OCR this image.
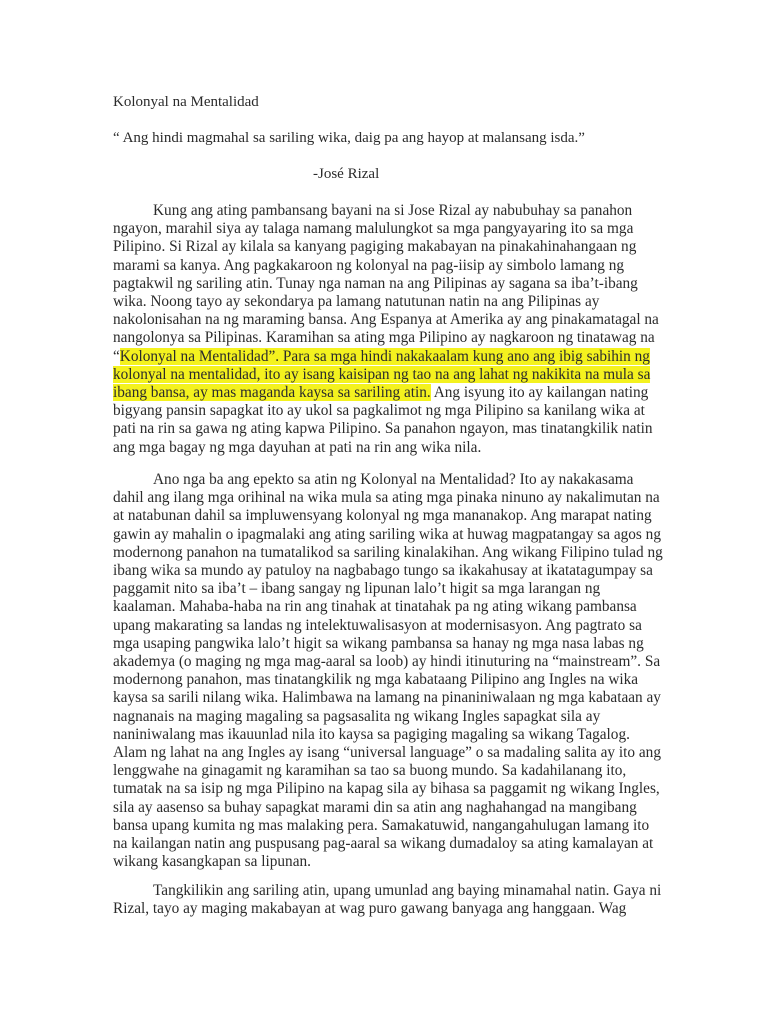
Kolonyal na Mentalidad
“ Ang hindi magmahal sa sariling wika, daig pa ang hayop at malansang isda.”
-José Rizal
Kung ang ating pambansang bayani na si Jose Rizal ay nabubuhay sa panahon
ngayon, marahil siya ay talaga namang malulungkot sa mga pangyayaring ito sa mga
Pilipino. Si Rizal ay kilala sa kanyang pagiging makabayan na pinakahinahangaan ng
marami sa kanya. Ang pagkakaroon ng kolonyal na pag-iisip ay simbolo lamang ng
pagtakwil ng sariling atin. Tunay nga naman na ang Pilipinas ay sagana sa iba’t-ibang
wika. Noong tayo ay sekondarya pa lamang natutunan natin na ang Pilipinas ay
nakolonisahan na ng maraming bansa. Ang Espanya at Amerika ay ang pinakamatagal na
nangolonya sa Pilipinas. Karamihan sa ating mga Pilipino ay nagkaroon ng tinatawag na
“Kolonyal na Mentalidad”. Para sa mga hindi nakakaalam kung ano ang ibig sabihin ng
kolonyal na mentalidad, ito ay isang kaisipan ng tao na ang lahat ng nakikita na mula sa
ibang bansa, ay mas maganda kaysa sa sariling atin. Ang isyung ito ay kailangan nating
bigyang pansin sapagkat ito ay ukol sa pagkalimot ng mga Pilipino sa kanilang wika at
pati na rin sa gawa ng ating kapwa Pilipino. Sa panahon ngayon, mas tinatangkilik natin
ang mga bagay ng mga dayuhan at pati na rin ang wika nila.
Ano nga ba ang epekto sa atin ng Kolonyal na Mentalidad? Ito ay nakakasama
dahil ang ilang mga orihinal na wika mula sa ating mga pinaka ninuno ay nakalimutan na
at natabunan dahil sa impluwensyang kolonyal ng mga mananakop. Ang marapat nating
gawin ay mahalin o ipagmalaki ang ating sariling wika at huwag magpatangay sa agos ng
modernong panahon na tumatalikod sa sariling kinalakihan. Ang wikang Filipino tulad ng
ibang wika sa mundo ay patuloy na nagbabago tungo sa ikakahusay at ikatatagumpay sa
paggamit nito sa iba’t – ibang sangay ng lipunan lalo’t higit sa mga larangan ng
kaalaman. Mahaba-haba na rin ang tinahak at tinatahak pa ng ating wikang pambansa
upang makarating sa landas ng intelektuwalisasyon at modernisasyon. Ang pagtrato sa
mga usaping pangwika lalo’t higit sa wikang pambansa sa hanay ng mga nasa labas ng
akademya (o maging ng mga mag-aaral sa loob) ay hindi itinuturing na “mainstream”. Sa
modernong panahon, mas tinatangkilik ng mga kabataang Pilipino ang Ingles na wika
kaysa sa sarili nilang wika. Halimbawa na lamang na pinaniniwalaan ng mga kabataan ay
nagnanais na maging magaling sa pagsasalita ng wikang Ingles sapagkat sila ay
naniniwalang mas ikauunlad nila ito kaysa sa pagiging magaling sa wikang Tagalog.
Alam ng lahat na ang Ingles ay isang “universal language” o sa madaling salita ay ito ang
lenggwahe na ginagamit ng karamihan sa tao sa buong mundo. Sa kadahilanang ito,
tumatak na sa isip ng mga Pilipino na kapag sila ay bihasa sa paggamit ng wikang Ingles,
sila ay aasenso sa buhay sapagkat marami din sa atin ang naghahangad na mangibang
bansa upang kumita ng mas malaking pera. Samakatuwid, nangangahulugan lamang ito
na kailangan natin ang puspusang pag-aaral sa wikang dumadaloy sa ating kamalayan at
wikang kasangkapan sa lipunan.
Tangkilikin ang sariling atin, upang umunlad ang baying minamahal natin. Gaya ni
Rizal, tayo ay maging makabayan at wag puro gawang banyaga ang hanggaan. Wag
